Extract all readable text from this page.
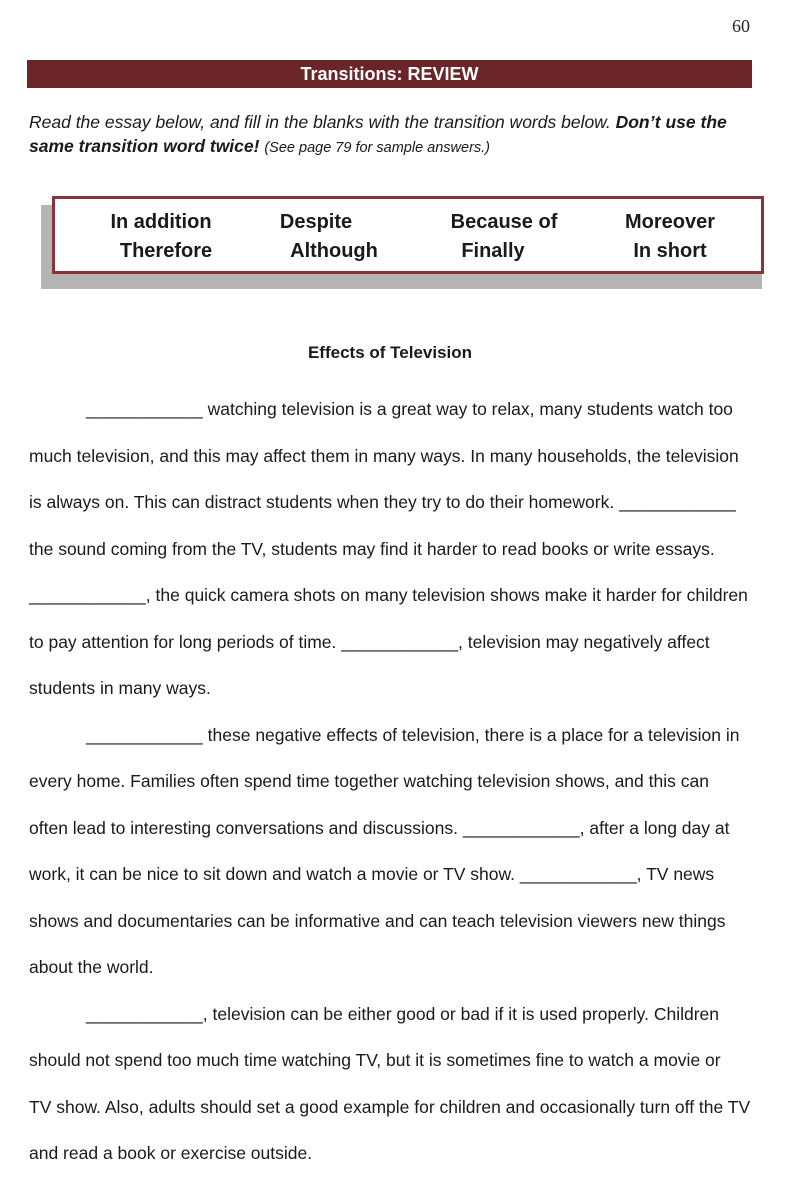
60
Transitions: REVIEW
Read the essay below, and fill in the blanks with the transition words below. Don’t use the same transition word twice! (See page 79 for sample answers.)
In addition	Despite	Because of	Moreover
Therefore	Although	Finally	In short
Effects of Television
____________ watching television is a great way to relax, many students watch too
much television, and this may affect them in many ways. In many households, the television
is always on. This can distract students when they try to do their homework. ____________
the sound coming from the TV, students may find it harder to read books or write essays.
____________, the quick camera shots on many television shows make it harder for children
to pay attention for long periods of time. ____________, television may negatively affect
students in many ways.
____________ these negative effects of television, there is a place for a television in
every home. Families often spend time together watching television shows, and this can
often lead to interesting conversations and discussions. ____________, after a long day at
work, it can be nice to sit down and watch a movie or TV show. ____________, TV news
shows and documentaries can be informative and can teach television viewers new things
about the world.
____________, television can be either good or bad if it is used properly. Children
should not spend too much time watching TV, but it is sometimes fine to watch a movie or
TV show. Also, adults should set a good example for children and occasionally turn off the TV
and read a book or exercise outside.
